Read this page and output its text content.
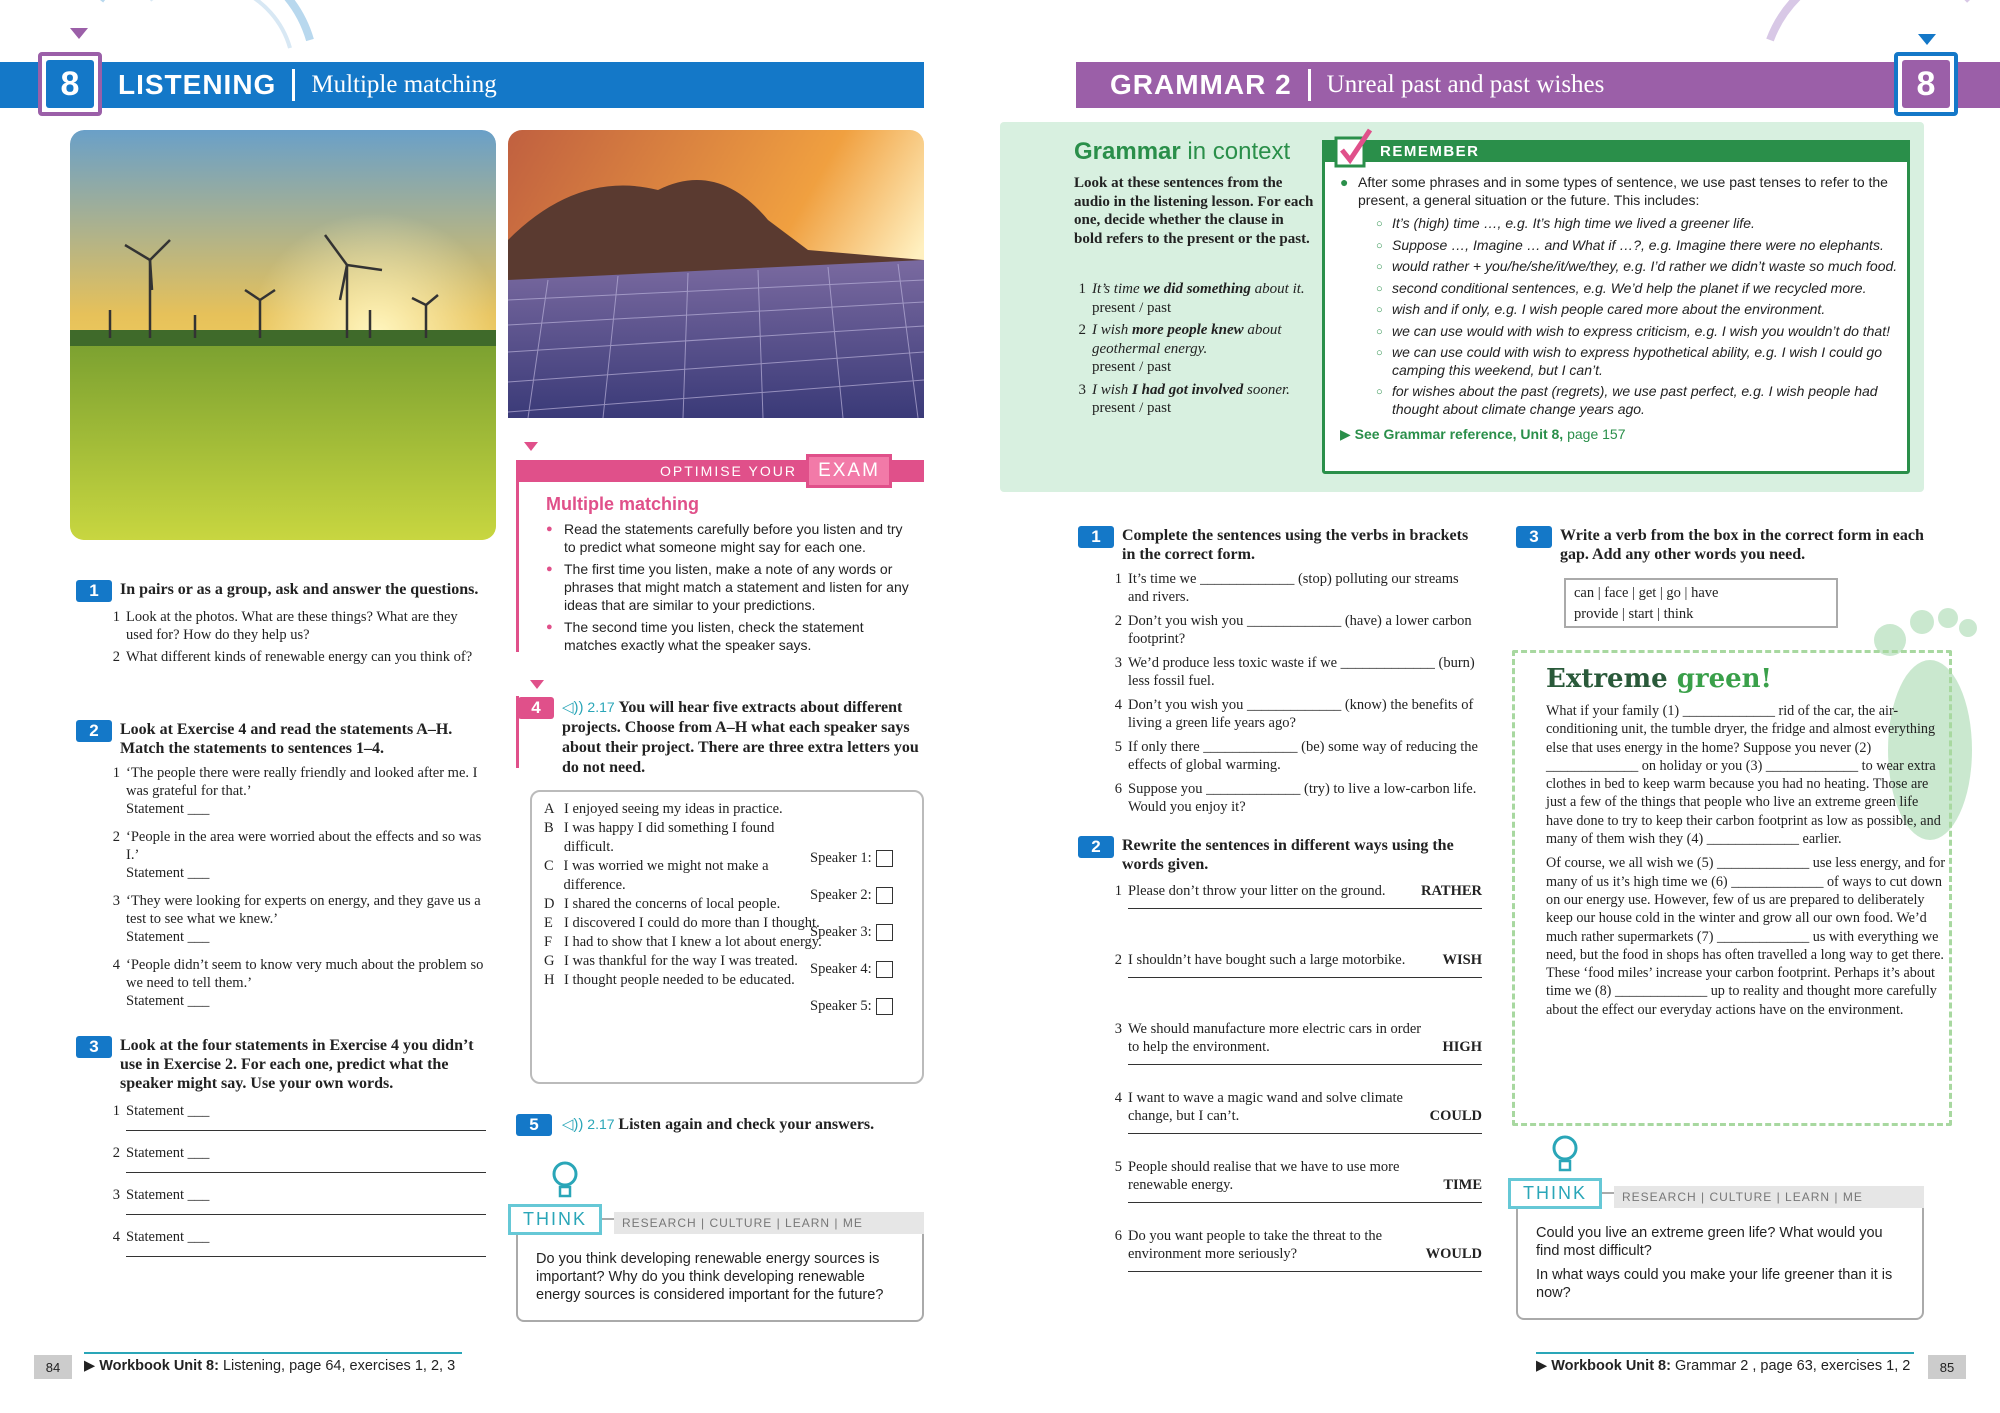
LISTENING Multiple matching
8
1	In pairs or as a group, ask and answer the questions.
1 Look at the photos. What are these things? What are they used for? How do they help us?
2 What different kinds of renewable energy can you think of?
2	Look at Exercise 4 and read the statements A–H. Match the statements to sentences 1–4.
1 ‘The people there were really friendly and looked after me. I was grateful for that.’
Statement ___
2 ‘People in the area were worried about the effects and so was I.’
Statement ___
3 ‘They were looking for experts on energy, and they gave us a test to see what we knew.’
Statement ___
4 ‘People didn’t seem to know very much about the problem so we need to tell them.’
Statement ___
3	Look at the four statements in Exercise 4 you didn’t use in Exercise 2. For each one, predict what the speaker might say. Use your own words.
1 Statement ___
2 Statement ___
3 Statement ___
4 Statement ___
OPTIMISE YOUR	EXAM
Multiple matching
● Read the statements carefully before you listen and try to predict what someone might say for each one.
● The first time you listen, make a note of any words or phrases that might match a statement and listen for any ideas that are similar to your predictions.
● The second time you listen, check the statement matches exactly what the speaker says.
4	◁)) 2.17 You will hear five extracts about different projects. Choose from A–H what each speaker says about their project. There are three extra letters you do not need.
A I enjoyed seeing my ideas in practice.
B I was happy I did something I found difficult.
C I was worried we might not make a difference.
D I shared the concerns of local people.
E I discovered I could do more than I thought.
F I had to show that I knew a lot about energy.
G I was thankful for the way I was treated.
H I thought people needed to be educated.
Speaker 1:
Speaker 2:
Speaker 3:
Speaker 4:
Speaker 5:
5 ◁)) 2.17 Listen again and check your answers.
RESEARCH | CULTURE | LEARN | ME
THINK
Do you think developing renewable energy sources is important? Why do you think developing renewable energy sources is considered important for the future?
84	▶ Workbook Unit 8: Listening, page 64, exercises 1, 2, 3
GRAMMAR 2 Unreal past and past wishes	8
Grammar in context
Look at these sentences from the audio in the listening lesson. For each one, decide whether the clause in bold refers to the present or the past.
1 It’s time we did something about it.
present / past
2 I wish more people knew about geothermal energy.
present / past
3 I wish I had got involved sooner.
present / past
REMEMBER
● After some phrases and in some types of sentence, we use past tenses to refer to the present, a general situation or the future. This includes:
○ It’s (high) time …, e.g. It’s high time we lived a greener life.
○ Suppose …, Imagine … and What if …?, e.g. Imagine there were no elephants.
○ would rather + you/he/she/it/we/they, e.g. I’d rather we didn’t waste so much food.
○ second conditional sentences, e.g. We’d help the planet if we recycled more.
○ wish and if only, e.g. I wish people cared more about the environment.
○ we can use would with wish to express criticism, e.g. I wish you wouldn’t do that!
○ we can use could with wish to express hypothetical ability, e.g. I wish I could go camping this weekend, but I can’t.
○ for wishes about the past (regrets), we use past perfect, e.g. I wish people had thought about climate change years ago.
▶ See Grammar reference, Unit 8, page 157
1	Complete the sentences using the verbs in brackets in the correct form.
1 It’s time we _____________ (stop) polluting our streams and rivers.
2 Don’t you wish you _____________ (have) a lower carbon footprint?
3 We’d produce less toxic waste if we _____________ (burn) less fossil fuel.
4 Don’t you wish you _____________ (know) the benefits of living a green life years ago?
5 If only there _____________ (be) some way of reducing the effects of global warming.
6 Suppose you _____________ (try) to live a low-carbon life. Would you enjoy it?
2	Rewrite the sentences in different ways using the words given.
1 Please don’t throw your litter on the ground.	RATHER
2 I shouldn’t have bought such a large motorbike.	WISH
3 We should manufacture more electric cars in order to help the environment.	HIGH
4 I want to wave a magic wand and solve climate change, but I can’t.	COULD
5 People should realise that we have to use more renewable energy.	TIME
6 Do you want people to take the threat to the environment more seriously?	WOULD
3	Write a verb from the box in the correct form in each gap. Add any other words you need.
can | face | get | go | have
provide | start | think
Extreme green!

What if your family (1) _____________ rid of the car, the air-conditioning unit, the tumble dryer, the fridge and almost everything else that uses energy in the home? Suppose you never (2) _____________ on holiday or you (3) _____________ to wear extra clothes in bed to keep warm because you had no heating. Those are just a few of the things that people who live an extreme green life have done to try to keep their carbon footprint as low as possible, and many of them wish they (4) _____________ earlier.

Of course, we all wish we (5) _____________ use less energy, and for many of us it’s high time we (6) _____________ of ways to cut down on our energy use. However, few of us are prepared to deliberately keep our house cold in the winter and grow all our own food. We’d much rather supermarkets (7) _____________ us with everything we need, but the food in shops has often travelled a long way to get there. These ‘food miles’ increase your carbon footprint. Perhaps it’s about time we (8) _____________ up to reality and thought more carefully about the effect our everyday actions have on the environment.

RESEARCH | CULTURE | LEARN | ME
THINK
Could you live an extreme green life? What would you find most difficult?
In what ways could you make your life greener than it is now?
▶ Workbook Unit 8: Grammar 2 , page 63, exercises 1, 2	85
